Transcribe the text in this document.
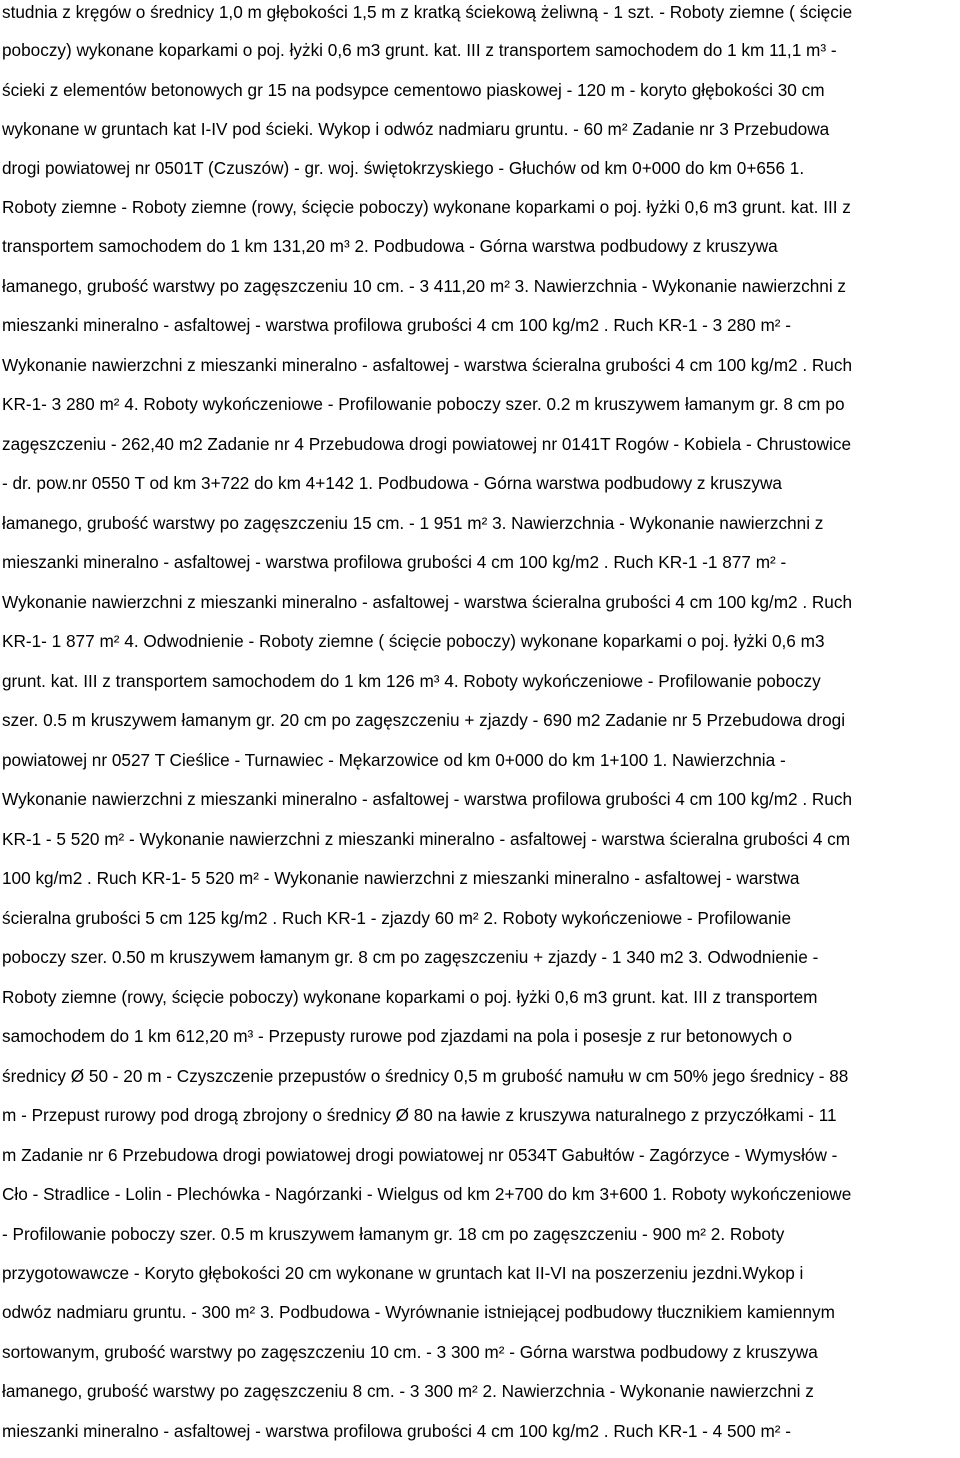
studnia z kręgów o średnicy 1,0 m głębokości 1,5 m z kratką ściekową żeliwną - 1 szt. - Roboty ziemne ( ścięcie
poboczy) wykonane koparkami o poj. łyżki 0,6 m3 grunt. kat. III z transportem samochodem do 1 km 11,1 m³ -
ścieki z elementów betonowych gr 15 na podsypce cementowo piaskowej - 120 m - koryto głębokości 30 cm
wykonane w gruntach kat I-IV pod ścieki. Wykop i odwóz nadmiaru gruntu. - 60 m² Zadanie nr 3 Przebudowa
drogi powiatowej nr 0501T (Czuszów) - gr. woj. świętokrzyskiego - Głuchów od km 0+000 do km 0+656 1.
Roboty ziemne - Roboty ziemne (rowy, ścięcie poboczy) wykonane koparkami o poj. łyżki 0,6 m3 grunt. kat. III z
transportem samochodem do 1 km 131,20 m³ 2. Podbudowa - Górna warstwa podbudowy z kruszywa
łamanego, grubość warstwy po zagęszczeniu 10 cm. - 3 411,20 m² 3. Nawierzchnia - Wykonanie nawierzchni z
mieszanki mineralno - asfaltowej - warstwa profilowa grubości 4 cm 100 kg/m2 . Ruch KR-1 - 3 280 m² -
Wykonanie nawierzchni z mieszanki mineralno - asfaltowej - warstwa ścieralna grubości 4 cm 100 kg/m2 . Ruch
KR-1- 3 280 m² 4. Roboty wykończeniowe - Profilowanie poboczy szer. 0.2 m kruszywem łamanym gr. 8 cm po
zagęszczeniu - 262,40 m2 Zadanie nr 4 Przebudowa drogi powiatowej nr 0141T Rogów - Kobiela - Chrustowice
- dr. pow.nr 0550 T od km 3+722 do km 4+142 1. Podbudowa - Górna warstwa podbudowy z kruszywa
łamanego, grubość warstwy po zagęszczeniu 15 cm. - 1 951 m² 3. Nawierzchnia - Wykonanie nawierzchni z
mieszanki mineralno - asfaltowej - warstwa profilowa grubości 4 cm 100 kg/m2 . Ruch KR-1 -1 877 m² -
Wykonanie nawierzchni z mieszanki mineralno - asfaltowej - warstwa ścieralna grubości 4 cm 100 kg/m2 . Ruch
KR-1- 1 877 m² 4. Odwodnienie - Roboty ziemne ( ścięcie poboczy) wykonane koparkami o poj. łyżki 0,6 m3
grunt. kat. III z transportem samochodem do 1 km 126 m³ 4. Roboty wykończeniowe - Profilowanie poboczy
szer. 0.5 m kruszywem łamanym gr. 20 cm po zagęszczeniu + zjazdy - 690 m2 Zadanie nr 5 Przebudowa drogi
powiatowej nr 0527 T Cieślice - Turnawiec - Mękarzowice od km 0+000 do km 1+100 1. Nawierzchnia -
Wykonanie nawierzchni z mieszanki mineralno - asfaltowej - warstwa profilowa grubości 4 cm 100 kg/m2 . Ruch
KR-1 - 5 520 m² - Wykonanie nawierzchni z mieszanki mineralno - asfaltowej - warstwa ścieralna grubości 4 cm
100 kg/m2 . Ruch KR-1- 5 520 m² - Wykonanie nawierzchni z mieszanki mineralno - asfaltowej - warstwa
ścieralna grubości 5 cm 125 kg/m2 . Ruch KR-1 - zjazdy 60 m² 2. Roboty wykończeniowe - Profilowanie
poboczy szer. 0.50 m kruszywem łamanym gr. 8 cm po zagęszczeniu + zjazdy - 1 340 m2 3. Odwodnienie -
Roboty ziemne (rowy, ścięcie poboczy) wykonane koparkami o poj. łyżki 0,6 m3 grunt. kat. III z transportem
samochodem do 1 km 612,20 m³ - Przepusty rurowe pod zjazdami na pola i posesje z rur betonowych o
średnicy Ø 50 - 20 m - Czyszczenie przepustów o średnicy 0,5 m grubość namułu w cm 50% jego średnicy - 88
m - Przepust rurowy pod drogą zbrojony o średnicy Ø 80 na ławie z kruszywa naturalnego z przyczółkami - 11
m Zadanie nr 6 Przebudowa drogi powiatowej drogi powiatowej nr 0534T Gabułtów - Zagórzyce - Wymysłów -
Cło - Stradlice - Lolin - Plechówka - Nagórzanki - Wielgus od km 2+700 do km 3+600 1. Roboty wykończeniowe
- Profilowanie poboczy szer. 0.5 m kruszywem łamanym gr. 18 cm po zagęszczeniu - 900 m² 2. Roboty
przygotowawcze - Koryto głębokości 20 cm wykonane w gruntach kat II-VI na poszerzeniu jezdni.Wykop i
odwóz nadmiaru gruntu. - 300 m² 3. Podbudowa - Wyrównanie istniejącej podbudowy tłucznikiem kamiennym
sortowanym, grubość warstwy po zagęszczeniu 10 cm. - 3 300 m² - Górna warstwa podbudowy z kruszywa
łamanego, grubość warstwy po zagęszczeniu 8 cm. - 3 300 m² 2. Nawierzchnia - Wykonanie nawierzchni z
mieszanki mineralno - asfaltowej - warstwa profilowa grubości 4 cm 100 kg/m2 . Ruch KR-1 - 4 500 m² -
